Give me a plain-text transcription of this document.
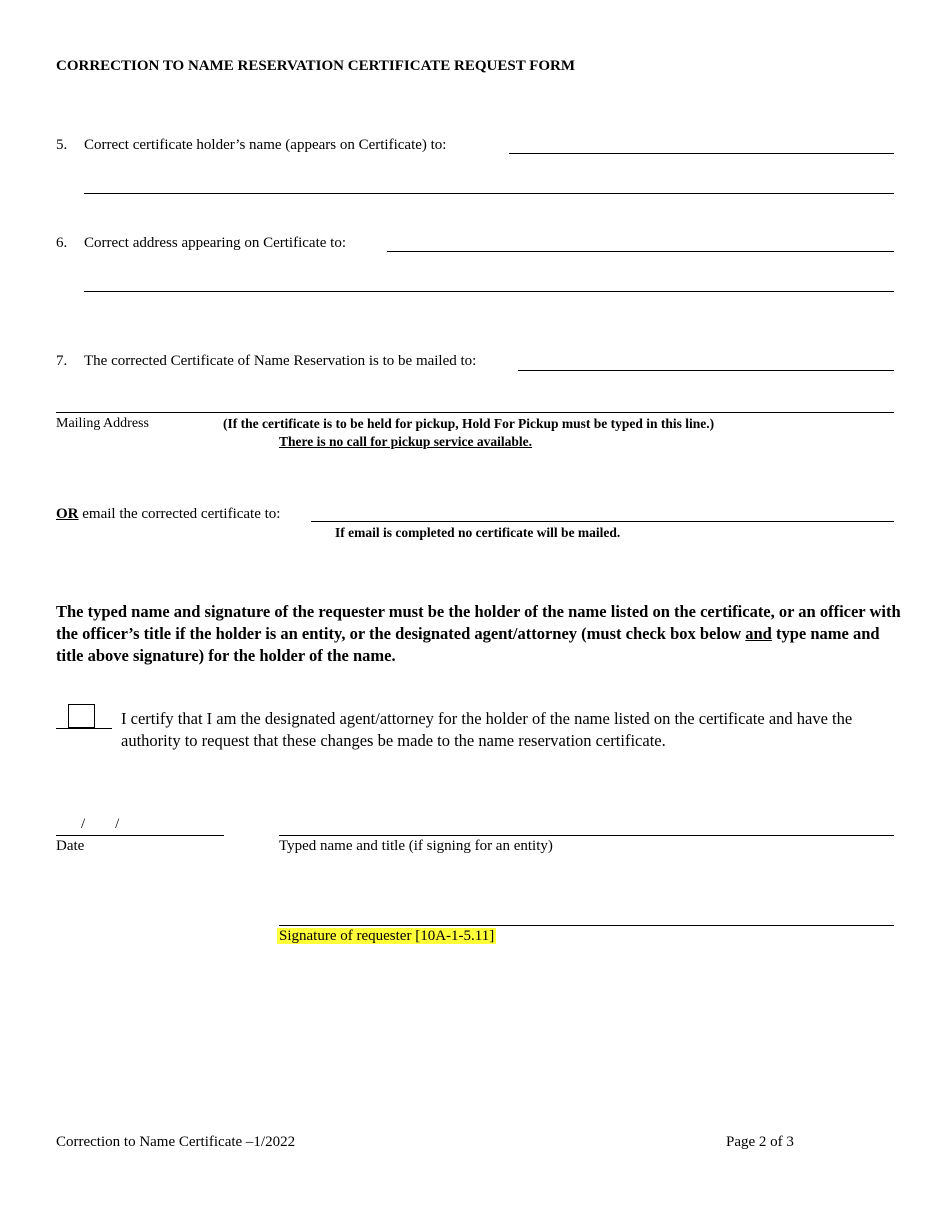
CORRECTION TO NAME RESERVATION CERTIFICATE REQUEST FORM
5. Correct certificate holder’s name (appears on Certificate) to:
6. Correct address appearing on Certificate to:
7. The corrected Certificate of Name Reservation is to be mailed to:
Mailing Address	(If the certificate is to be held for pickup, Hold For Pickup must be typed in this line.)
There is no call for pickup service available.
OR email the corrected certificate to:
If email is completed no certificate will be mailed.
The typed name and signature of the requester must be the holder of the name listed on the certificate, or an officer with the officer’s title if the holder is an entity, or the designated agent/attorney (must check box below and type name and title above signature) for the holder of the name.
I certify that I am the designated agent/attorney for the holder of the name listed on the certificate and have the authority to request that these changes be made to the name reservation certificate.
/        /
Date	Typed name and title (if signing for an entity)
Signature of requester [10A-1-5.11]
Correction to Name Certificate –1/2022	Page 2 of 3
